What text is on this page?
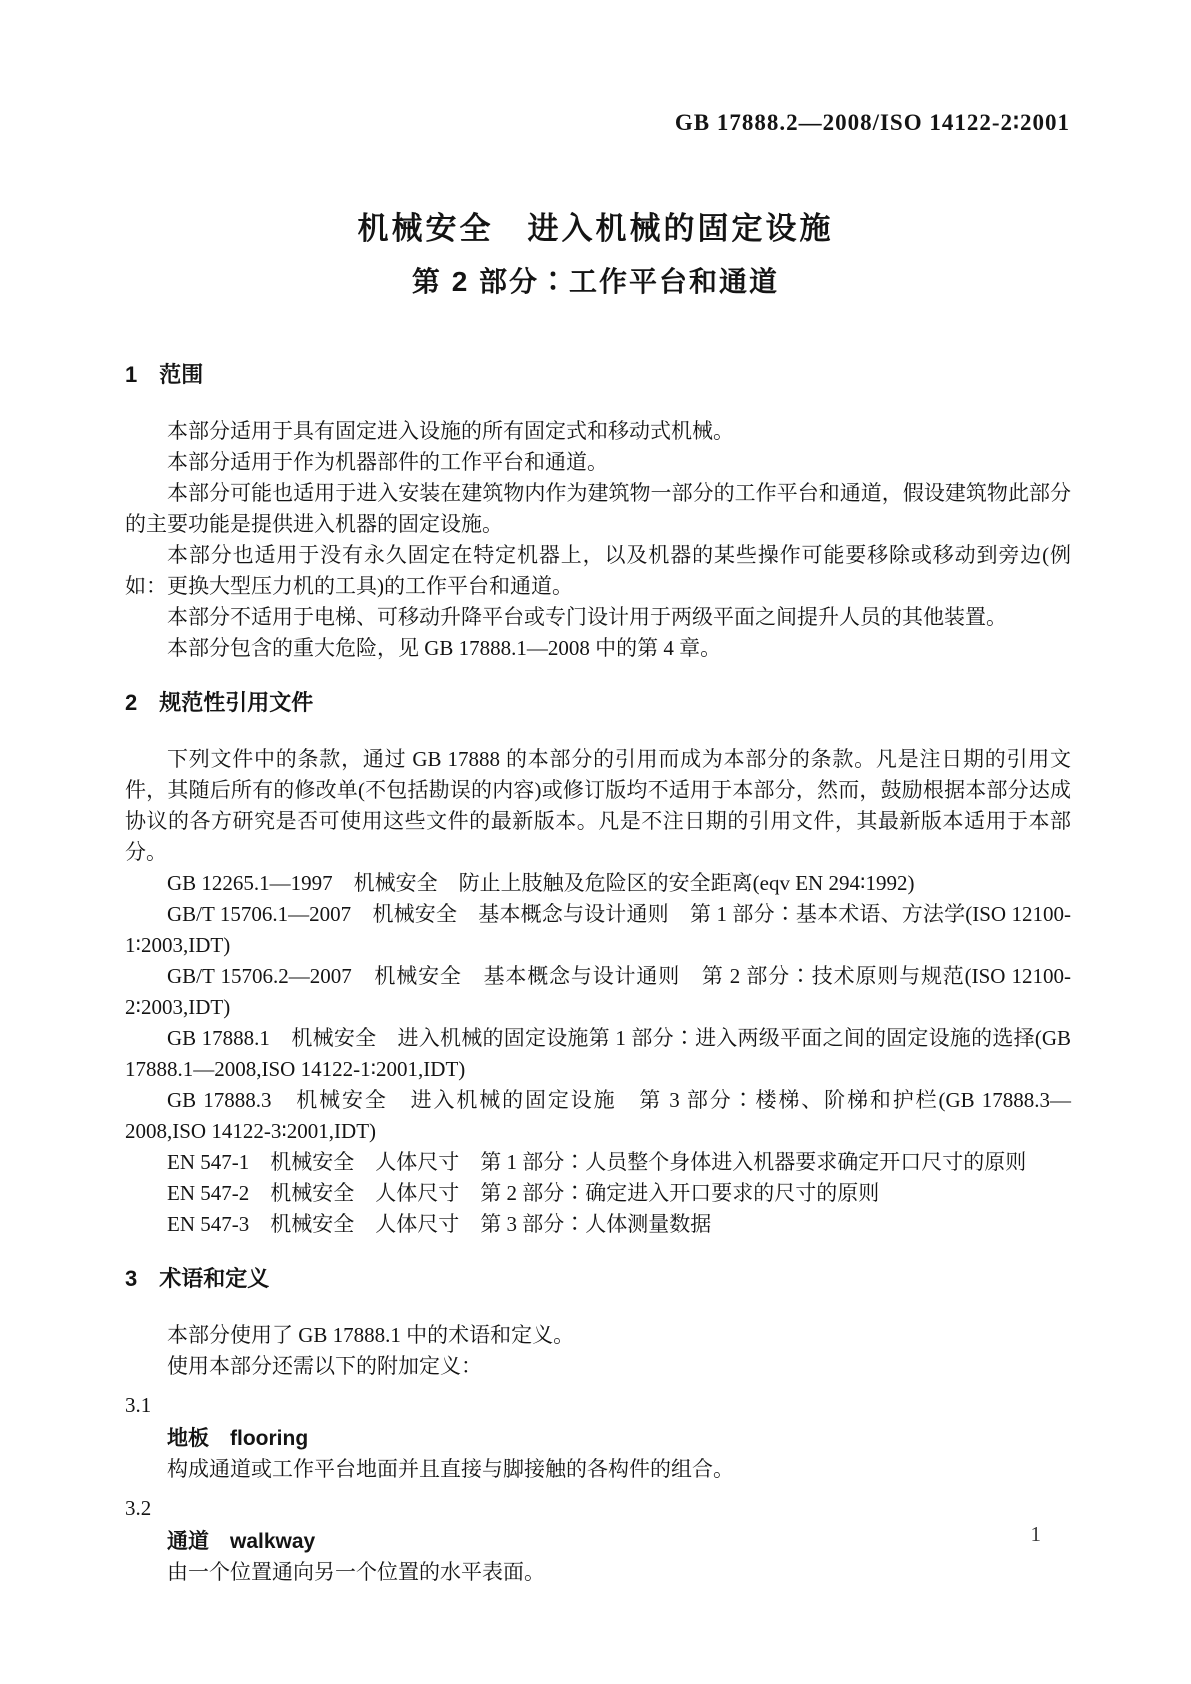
GB 17888.2—2008/ISO 14122-2∶2001
机械安全　进入机械的固定设施
第 2 部分∶工作平台和通道
1　范围
本部分适用于具有固定进入设施的所有固定式和移动式机械。
本部分适用于作为机器部件的工作平台和通道。
本部分可能也适用于进入安装在建筑物内作为建筑物一部分的工作平台和通道，假设建筑物此部分的主要功能是提供进入机器的固定设施。
本部分也适用于没有永久固定在特定机器上，以及机器的某些操作可能要移除或移动到旁边(例如：更换大型压力机的工具)的工作平台和通道。
本部分不适用于电梯、可移动升降平台或专门设计用于两级平面之间提升人员的其他装置。
本部分包含的重大危险，见 GB 17888.1—2008 中的第 4 章。
2　规范性引用文件
下列文件中的条款，通过 GB 17888 的本部分的引用而成为本部分的条款。凡是注日期的引用文件，其随后所有的修改单(不包括勘误的内容)或修订版均不适用于本部分，然而，鼓励根据本部分达成协议的各方研究是否可使用这些文件的最新版本。凡是不注日期的引用文件，其最新版本适用于本部分。
GB 12265.1—1997　机械安全　防止上肢触及危险区的安全距离(eqv EN 294∶1992)
GB/T 15706.1—2007　机械安全　基本概念与设计通则　第 1 部分∶基本术语、方法学(ISO 12100-1∶2003,IDT)
GB/T 15706.2—2007　机械安全　基本概念与设计通则　第 2 部分∶技术原则与规范(ISO 12100-2∶2003,IDT)
GB 17888.1　机械安全　进入机械的固定设施第 1 部分∶进入两级平面之间的固定设施的选择(GB 17888.1—2008,ISO 14122-1∶2001,IDT)
GB 17888.3　机械安全　进入机械的固定设施　第 3 部分∶楼梯、阶梯和护栏(GB 17888.3—2008,ISO 14122-3∶2001,IDT)
EN 547-1　机械安全　人体尺寸　第 1 部分∶人员整个身体进入机器要求确定开口尺寸的原则
EN 547-2　机械安全　人体尺寸　第 2 部分∶确定进入开口要求的尺寸的原则
EN 547-3　机械安全　人体尺寸　第 3 部分∶人体测量数据
3　术语和定义
本部分使用了 GB 17888.1 中的术语和定义。
使用本部分还需以下的附加定义：
3.1
地板　flooring
构成通道或工作平台地面并且直接与脚接触的各构件的组合。
3.2
通道　walkway
由一个位置通向另一个位置的水平表面。
1
